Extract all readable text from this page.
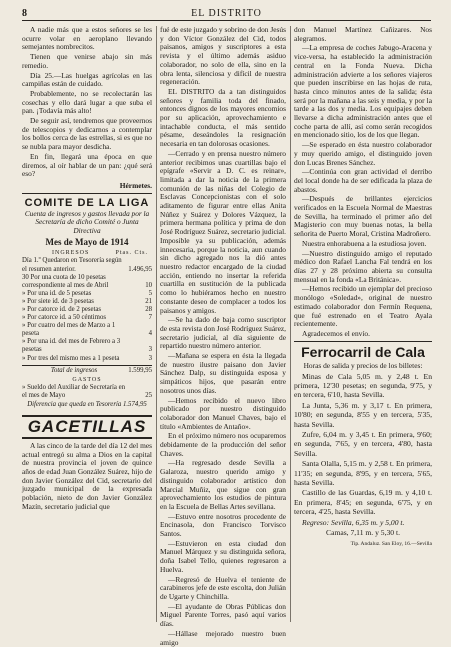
8	EL DISTRITO

A nadie más que a estos señores se les ocurre volar en aeroplano llevando semejantes nombrecitos.

Tienen que venirse abajo sin más remedio.

Día 25.—Las huelgas agrícolas en las campiñas están de cuidado.

Probablemente, no se recolectarán las cosechas y ello dará lugar a que suba el pan. ¡Todavía más alto!

De seguir así, tendremos que proveernos de telescopios y dedicarnos a contemplar los bollos cerca de las estrellas, si es que no se nubla para mayor desdicha.

En fin, llegará una época en que diremos, al oír hablar de un pan: ¿qué será eso?

Hérmetes.
COMITE DE LA LIGA
Cuenta de ingresos y gastos llevada por la Secretaría de dicho Comité o Junta Directiva
Mes de Mayo de 1914
INGRESOS	Ptas. Cts.
Día 1.º Quedaron en Tesorería según el resumen anterior.	1.496,95
30 Por una cuota de 10 pesetas correspondiente al mes de Abril	10
» Por una id. de 5 pesetas	5
» Por siete id. de 3 pesetas	21
» Por catorce id. de 2 pesetas	28
» Por catorce id. a 50 céntimos	7
» Por cuatro del mes de Marzo a 1 peseta	4
» Por una id. del mes de Febrero a 3 pesetas	3
» Por tres del mismo mes a 1 peseta	3
Total de ingresos	1.599,95
GASTOS
» Sueldo del Auxiliar de Secretaría en el mes de Mayo	25
Diferencia que queda en Tesorería 1.574,95
GACETILLAS

A las cinco de la tarde del día 12 del mes actual entregó su alma a Dios en la capital de nuestra provincia el joven de quince años de edad Juan González Suárez, hijo de don Javier González del Cid, secretario del juzgado municipal de la expresada población, nieto de don Javier González Mazín, secretario judicial que

fué de este juzgado y sobrino de don Jesús y don Víctor González del Cid, todos paisanos, amigos y suscriptores a esta revista y el último además asiduo colaborador, no solo de ella, sino en la obra lenta, silenciosa y difícil de nuestra regeneración.

EL DISTRITO da a tan distinguidos señores y familia toda del finado, entonces dignos de los mayores encomios por su aplicación, aprovechamiento e intachable conducta, el más sentido pésame, deseándoles la resignación necesaria en tan dolorosas ocasiones.

—Cerrado y en prensa nuestro número anterior recibimos unas cuartillas bajo el epígrafe «Servir a D. C. es reinar», limitada a dar la noticia de la primera comunión de las niñas del Colegio de Esclavas Concepcionistas con el solo aditamento de figurar entre ellas Anita Núñez y Suárez y Dolores Vázquez, la primera hermana política y prima de don José Rodríguez Suárez, secretario judicial. Imposible ya su publicación, además innecesaria, porque la noticia, aun cuando sin dicho agregado nos la dió antes nuestro redactor encargado de la ciudad acción, entiendo no insertar la referida cuartilla en sustitución de la publicada como lo hubiéramos hecho en nuestro constante deseo de complacer a todos los paisanos y amigos.

—Se ha dado de baja como suscriptor de esta revista don José Rodríguez Suárez, secretario judicial, al día siguiente de repartido nuestro número anterior.

—Mañana se espera en ésta la llegada de nuestro ilustre paisano don Javier Sánchez Dalp, su distinguida esposa y simpáticos hijos, que pasarán entre nosotros unos días.

—Hemos recibido el nuevo libro publicado por nuestro distinguido colaborador don Manuel Chaves, bajo el título «Ambientes de Antaño».

En el próximo número nos ocuparemos debidamente de la producción del señor Chaves.

—Ha regresado desde Sevilla a Galaroza, nuestro querido amigo y distinguido colaborador artístico don Marcial Muñiz, que sigue con gran aprovechamiento los estudios de pintura en la Escuela de Bellas Artes sevillana.

—Estuvo entre nosotros procedente de Encinasola, don Francisco Torvisco Santos.

—Estuvieron en esta ciudad don Manuel Márquez y su distinguida señora, doña Isabel Tello, quienes regresaron a Huelva.

—Regresó de Huelva el teniente de carabineros jefe de este escolta, don Julián de Ugarte y Chinchilla.

—El ayudante de Obras Públicas don Miguel Parente Torres, pasó aquí varios días.

—Hállase mejorado nuestro buen amigo

don Manuel Martínez Cañizares. Nos alegramos.

—La empresa de coches Jabugo-Aracena y vice-versa, ha establecido la administración central en la Fonda Nueva. Dicha administración advierte a los señores viajeros que pueden inscribirse en las hojas de ruta, hasta cinco minutos antes de la salida; ésta será por la mañana a las seis y media, y por la tarde a las dos y media. Los equipajes deben llevarse a dicha administración antes que el coche parta de allí, así como serán recogidos en mencionado sitio, los de los que llegan.

—Se esperado en ésta nuestro colaborador y muy querido amigo, el distinguido joven don Lucas Brenes Sánchez.

—Continúa con gran actividad el derribo del local donde ha de ser edificada la plaza de abastos.

—Después de brillantes ejercicios verificados en la Escuela Normal de Maestras de Sevilla, ha terminado el primer año del Magisterio con muy buenas notas, la bella señorita de Puerto Moral, Cristina Madroñero.

Nuestra enhorabuena a la estudiosa joven.

—Nuestro distinguido amigo el reputado médico don Rafael Lancha Fal tendrá en los días 27 y 28 próximo abierta su consulta mensual en la fonda «La Británica».

—Hemos recibido un ejemplar del precioso monólogo «Soledad», original de nuestro estimado colaborador don Fermín Requena, que fué estrenado en el Teatro Ayala recientemente.

Agradecemos el envío.

Ferrocarril de Cala
Horas de salida y precios de los billetes:

Minas de Cala 5,05 m. y 2,48 t. En primera, 12'30 pesetas; en segunda, 9'75, y en tercera, 6'10, hasta Sevilla.

La Junta, 5,36 m. y 3,17 t. En primera, 10'80; en segunda, 8'55 y en tercera, 5'35, hasta Sevilla.

Zufre, 6,04 m. y 3,45 t. En primera, 9'60; en segunda, 7'65, y en tercera, 4'80, hasta Sevilla.

Santa Olalla, 5,15 m. y 2,58 t. En primera, 11'35; en segunda, 8'95, y en tercera, 5'65, hasta Sevilla.

Castillo de las Guardas, 6,19 m. y 4,10 t. En primera, 8'45; en segunda, 6'75, y en tercera, 4'25, hasta Sevilla.

Regreso: Sevilla, 6,35 m. y 5,00 t.

Camas, 7,11 m. y 5,30 t.

Tip. Andaluz. San Eloy, 16.—Sevilla
